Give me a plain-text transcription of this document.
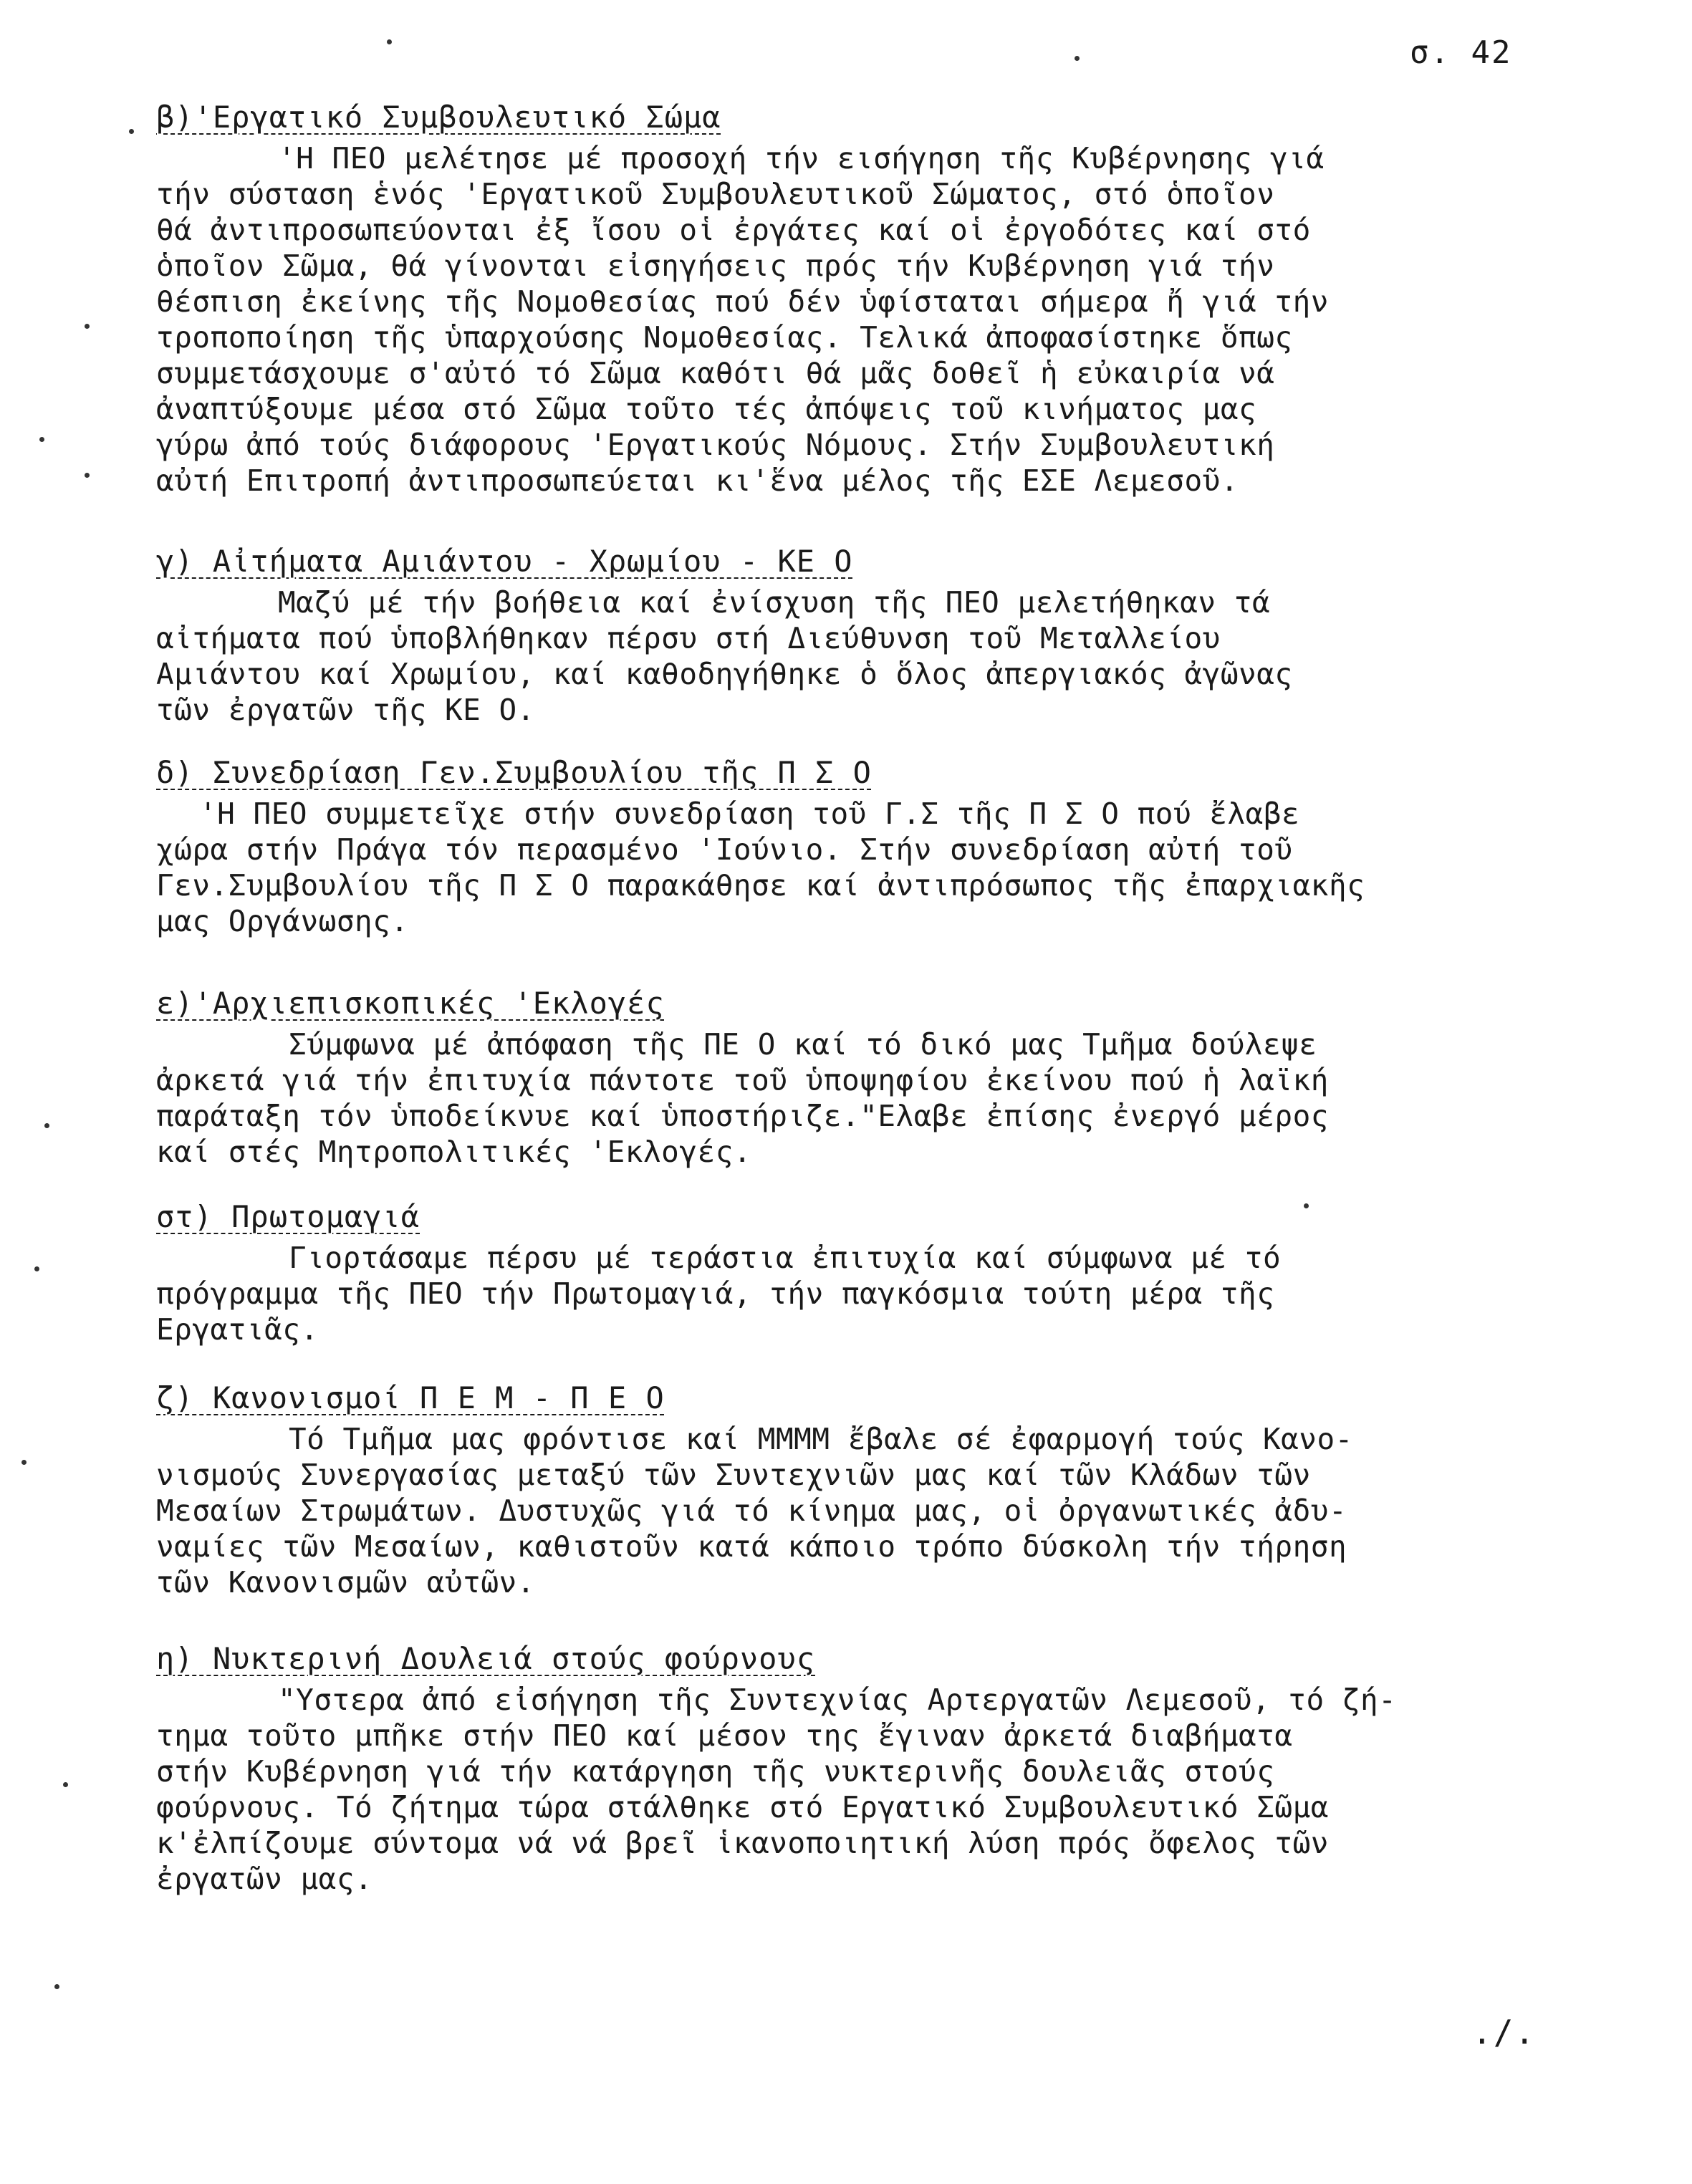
σ. 42
β)'Εργατικό Συμβουλευτικό Σώμα
'Η ΠΕΟ μελέτησε μέ προσοχή τήν εισήγηση τῆς Κυβέρνησης γιά
τήν σύσταση ἑνός 'Εργατικοῦ Συμβουλευτικοῦ Σώματος, στό ὁποῖον
θά ἀντιπροσωπεύονται ἐξ ἴσου οἱ ἐργάτες καί οἱ ἐργοδότες καί στό
ὁποῖον Σῶμα, θά γίνονται εἰσηγήσεις πρός τήν Κυβέρνηση γιά τήν
θέσπιση ἐκείνης τῆς Νομοθεσίας πού δέν ὑφίσταται σήμερα ἤ γιά τήν
τροποποίηση τῆς ὑπαρχούσης Νομοθεσίας. Τελικά ἀποφασίστηκε ὅπως
συμμετάσχουμε σ'αὐτό τό Σῶμα καθότι θά μᾶς δοθεῖ ἡ εὐκαιρία νά
ἀναπτύξουμε μέσα στό Σῶμα τοῦτο τές ἀπόψεις τοῦ κινήματος μας
γύρω ἀπό τούς διάφορους 'Εργατικούς Νόμους. Στήν Συμβουλευτική
αὐτή Επιτροπή ἀντιπροσωπεύεται κι'ἕνα μέλος τῆς ΕΣΕ Λεμεσοῦ.
γ) Αἰτήματα Αμιάντου - Χρωμίου - ΚΕ Ο
Μαζύ μέ τήν βοήθεια καί ἐνίσχυση τῆς ΠΕΟ μελετήθηκαν τά
αἰτήματα πού ὑποβλήθηκαν πέρσυ στή Διεύθυνση τοῦ Μεταλλείου
Αμιάντου καί Χρωμίου, καί καθοδηγήθηκε ὁ ὅλος ἀπεργιακός ἀγῶνας
τῶν ἐργατῶν τῆς ΚΕ Ο.
δ) Συνεδρίαση Γεν.Συμβουλίου τῆς Π Σ Ο
'Η ΠΕΟ συμμετεῖχε στήν συνεδρίαση τοῦ Γ.Σ τῆς Π Σ Ο πού ἔλαβε
χώρα στήν Πράγα τόν περασμένο 'Ιούνιο. Στήν συνεδρίαση αὐτή τοῦ
Γεν.Συμβουλίου τῆς Π Σ Ο παρακάθησε καί ἀντιπρόσωπος τῆς ἐπαρχιακῆς
μας Οργάνωσης.
ε)'Αρχιεπισκοπικές 'Εκλογές
Σύμφωνα μέ ἀπόφαση τῆς ΠΕ Ο καί τό δικό μας Τμῆμα δούλεψε
ἀρκετά γιά τήν ἐπιτυχία πάντοτε τοῦ ὑποψηφίου ἐκείνου πού ἡ λαϊκή
παράταξη τόν ὑποδείκνυε καί ὑποστήριζε."Ελαβε ἐπίσης ἐνεργό μέρος
καί στές Μητροπολιτικές 'Εκλογές.
στ) Πρωτομαγιά
Γιορτάσαμε πέρσυ μέ τεράστια ἐπιτυχία καί σύμφωνα μέ τό
πρόγραμμα τῆς ΠΕΟ τήν Πρωτομαγιά, τήν παγκόσμια τούτη μέρα τῆς
Εργατιᾶς.
ζ) Κανονισμοί Π Ε Μ - Π Ε Ο
Τό Τμῆμα μας φρόντισε καί ΜΜΜΜ ἔβαλε σέ ἐφαρμογή τούς Κανο-
νισμούς Συνεργασίας μεταξύ τῶν Συντεχνιῶν μας καί τῶν Κλάδων τῶν
Μεσαίων Στρωμάτων. Δυστυχῶς γιά τό κίνημα μας, οἱ ὀργανωτικές ἀδυ-
ναμίες τῶν Μεσαίων, καθιστοῦν κατά κάποιο τρόπο δύσκολη τήν τήρηση
τῶν Κανονισμῶν αὐτῶν.
η) Νυκτερινή Δουλειά στούς φούρνους
"Υστερα ἀπό εἰσήγηση τῆς Συντεχνίας Αρτεργατῶν Λεμεσοῦ, τό ζή-
τημα τοῦτο μπῆκε στήν ΠΕΟ καί μέσον της ἔγιναν ἀρκετά διαβήματα
στήν Κυβέρνηση γιά τήν κατάργηση τῆς νυκτερινῆς δουλειᾶς στούς
φούρνους. Τό ζήτημα τώρα στάλθηκε στό Εργατικό Συμβουλευτικό Σῶμα
κ'ἐλπίζουμε σύντομα νά νά βρεῖ ἱκανοποιητική λύση πρός ὄφελος τῶν
ἐργατῶν μας.
./.
